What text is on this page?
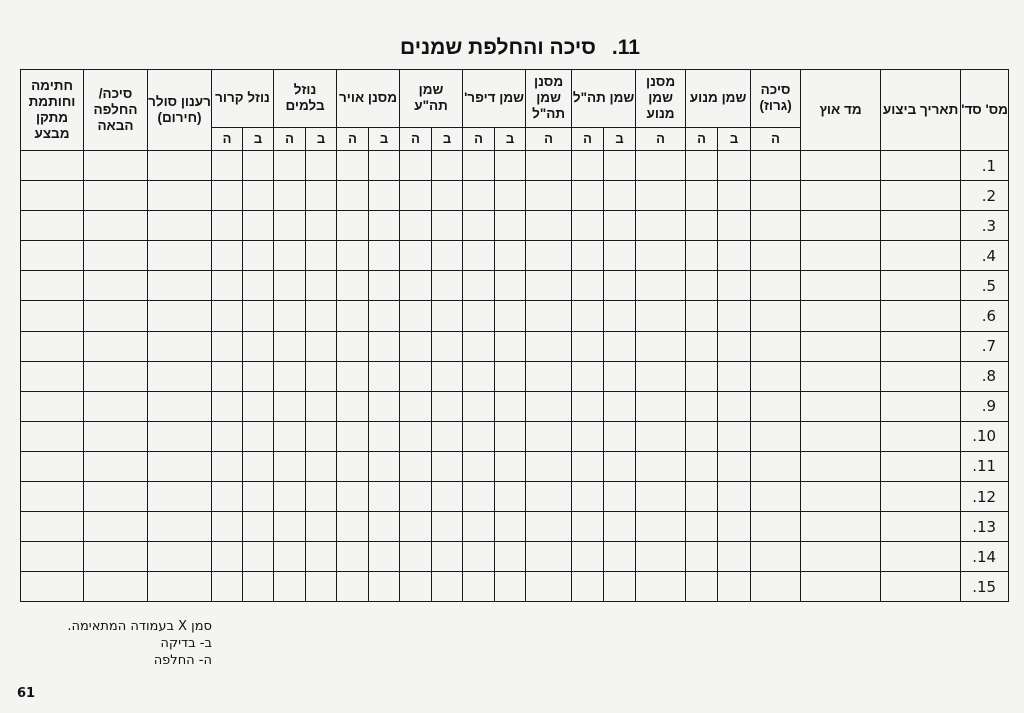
11.סיכה והחלפת שמנים
מס' סד'	תאריך ביצוע	מד אוץ	סיכה (גרוז)	שמן מנוע		מסנן שמן מנוע	שמן תה"ל		מסנן שמן תה"ל	שמן דיפר'		שמן תה"ע		מסנן אויר		נוזל בלמים		נוזל קרור		רענון סולר (חירום)	סיכה/ החלפה הבאה	חתימה וחותמת מתקן מבצע
			ה	ב	ה	ה	ב	ה	ה	ב	ה	ב	ה	ב	ה	ב	ה	ב	ה			
.1																						
.2																						
.3																						
.4																						
.5																						
.6																						
.7																						
.8																						
.9																						
.10																						
.11																						
.12																						
.13																						
.14																						
.15																						
סמן X בעמודה המתאימה.
ב- בדיקה
ה- החלפה
61
